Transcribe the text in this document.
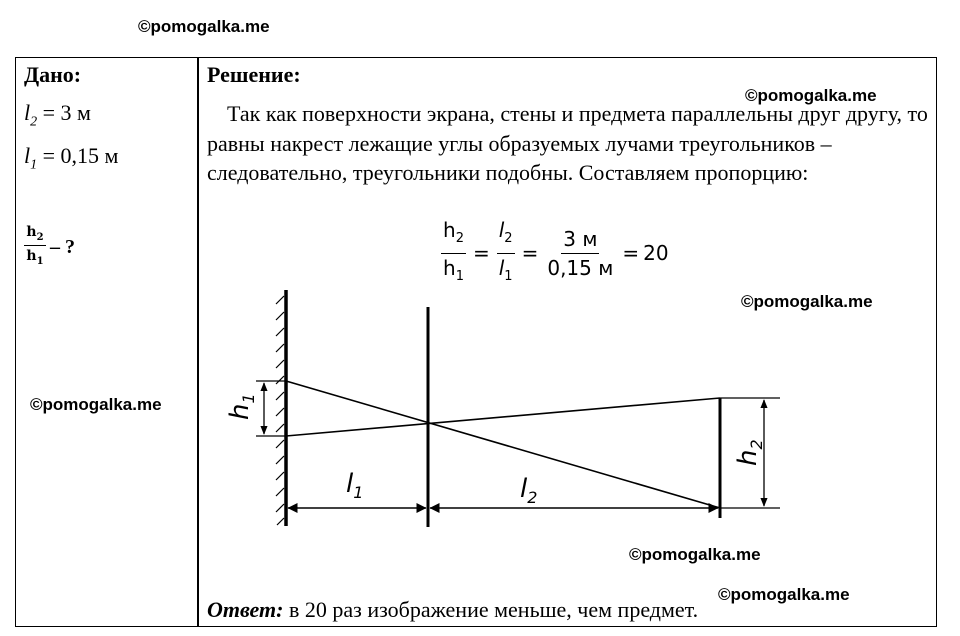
©pomogalka.me
©pomogalka.me
©pomogalka.me
©pomogalka.me
©pomogalka.me
Дано:
$l_2 = 3$ м
$l_1 = 0,15$ м
$\frac{h_2}{h_1}$ – ?
Решение:

Так как поверхности экрана, стены и предмета параллельны друг другу, то равны накрест лежащие углы образуемых лучами треугольников – следовательно, треугольники подобны. Составляем пропорцию:

$\frac{h_2}{h_1} = \frac{l_2}{l_1} = \frac{3 м}{0,15 м} = 20$
$h_1$
$h_2$
$l_1$	$l_2$
©pomogalka.me
Ответ: в 20 раз изображение меньше, чем предмет.
